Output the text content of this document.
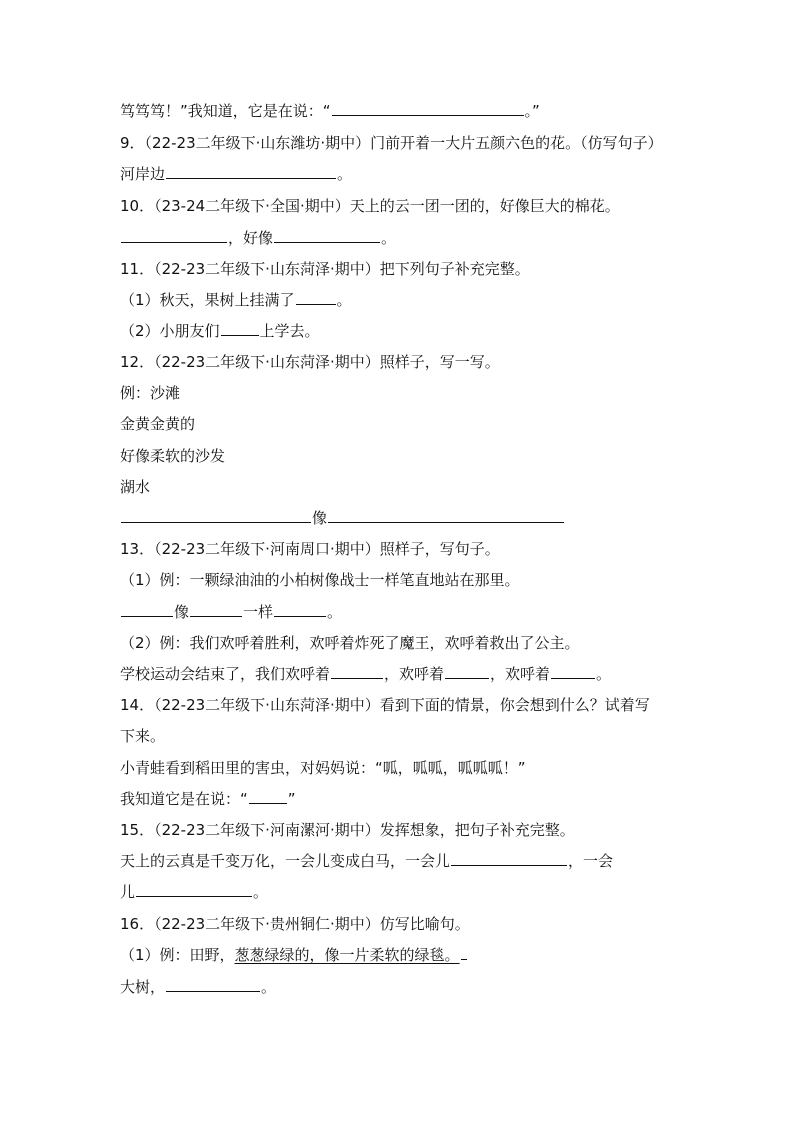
笃笃笃！”我知道，它是在说：“	。”
9．（22-23二年级下·山东潍坊·期中）门前开着一大片五颜六色的花。（仿写句子）
河岸边	。
10．（23-24二年级下·全国·期中）天上的云一团一团的，好像巨大的棉花。
，好像	。
11．（22-23二年级下·山东菏泽·期中）把下列句子补充完整。
（1）秋天，果树上挂满了	。
（2）小朋友们	上学去。
12．（22-23二年级下·山东菏泽·期中）照样子，写一写。
例：沙滩
金黄金黄的
好像柔软的沙发
湖水
像
13．（22-23二年级下·河南周口·期中）照样子，写句子。
（1）例：一颗绿油油的小柏树像战士一样笔直地站在那里。
像	一样	。
（2）例：我们欢呼着胜利，欢呼着炸死了魔王，欢呼着救出了公主。
学校运动会结束了，我们欢呼着	，欢呼着	，欢呼着	。
14．（22-23二年级下·山东菏泽·期中）看到下面的情景，你会想到什么？试着写
下来。
小青蛙看到稻田里的害虫，对妈妈说：“呱，呱呱，呱呱呱！”
我知道它是在说：“	”
15．（22-23二年级下·河南漯河·期中）发挥想象，把句子补充完整。
天上的云真是千变万化，一会儿变成白马，一会儿	，一会
儿	。
16．（22-23二年级下·贵州铜仁·期中）仿写比喻句。
（1）例：田野，葱葱绿绿的，像一片柔软的绿毯。
大树，	。
